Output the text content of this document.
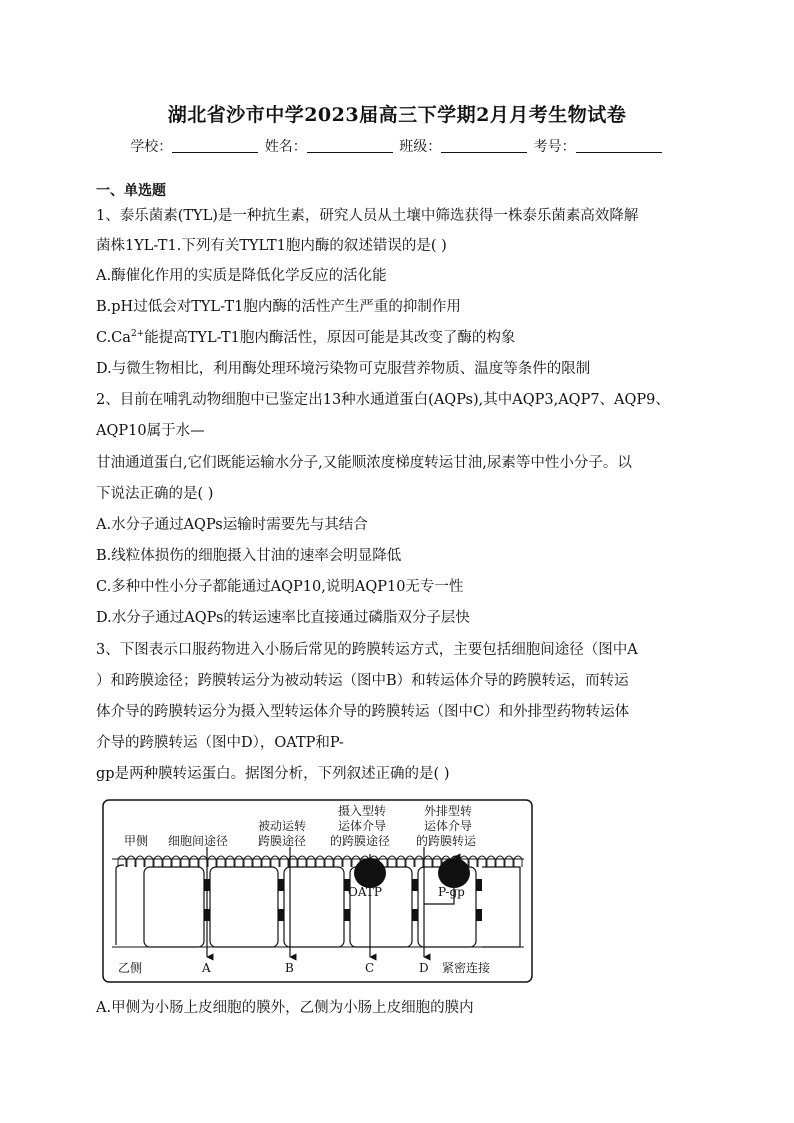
湖北省沙市中学2023届高三下学期2月月考生物试卷
学校：	姓名：	班级：	考号：
一、单选题
1、泰乐菌素(TYL)是一种抗生素，研究人员从土壤中筛选获得一株泰乐菌素高效降解
菌株1YL-T1.下列有关TYLT1胞内酶的叙述错误的是( )
A.酶催化作用的实质是降低化学反应的活化能
B.pH过低会对TYL-T1胞内酶的活性产生严重的抑制作用
$C.Ca^{2+}$能提高TYL-T1胞内酶活性，原因可能是其改变了酶的构象
D.与微生物相比，利用酶处理环境污染物可克服营养物质、温度等条件的限制
2、目前在哺乳动物细胞中已鉴定出13种水通道蛋白(AQPs),其中AQP3,AQP7、AQP9、
AQP10属于水—
甘油通道蛋白,它们既能运输水分子,又能顺浓度梯度转运甘油,尿素等中性小分子。以
下说法正确的是( )
A.水分子通过AQPs运输时需要先与其结合
B.线粒体损伤的细胞摄入甘油的速率会明显降低
C.多种中性小分子都能通过AQP10,说明AQP10无专一性
D.水分子通过AQPs的转运速率比直接通过磷脂双分子层快
3、下图表示口服药物进入小肠后常见的跨膜转运方式，主要包括细胞间途径（图中A
）和跨膜途径；跨膜转运分为被动转运（图中B）和转运体介导的跨膜转运，而转运
体介导的跨膜转运分为摄入型转运体介导的跨膜转运（图中C）和外排型药物转运体
介导的跨膜转运（图中D），OATP和P-
gp是两种膜转运蛋白。据图分析，下列叙述正确的是( )
甲侧 细胞间途径
被动运转
跨膜途径
摄入型转
运体介导
的跨膜途径
外排型转
运体介导
的跨膜转运
OATP	P-gp
乙侧	A	B	C	D 紧密连接
A.甲侧为小肠上皮细胞的膜外，乙侧为小肠上皮细胞的膜内
